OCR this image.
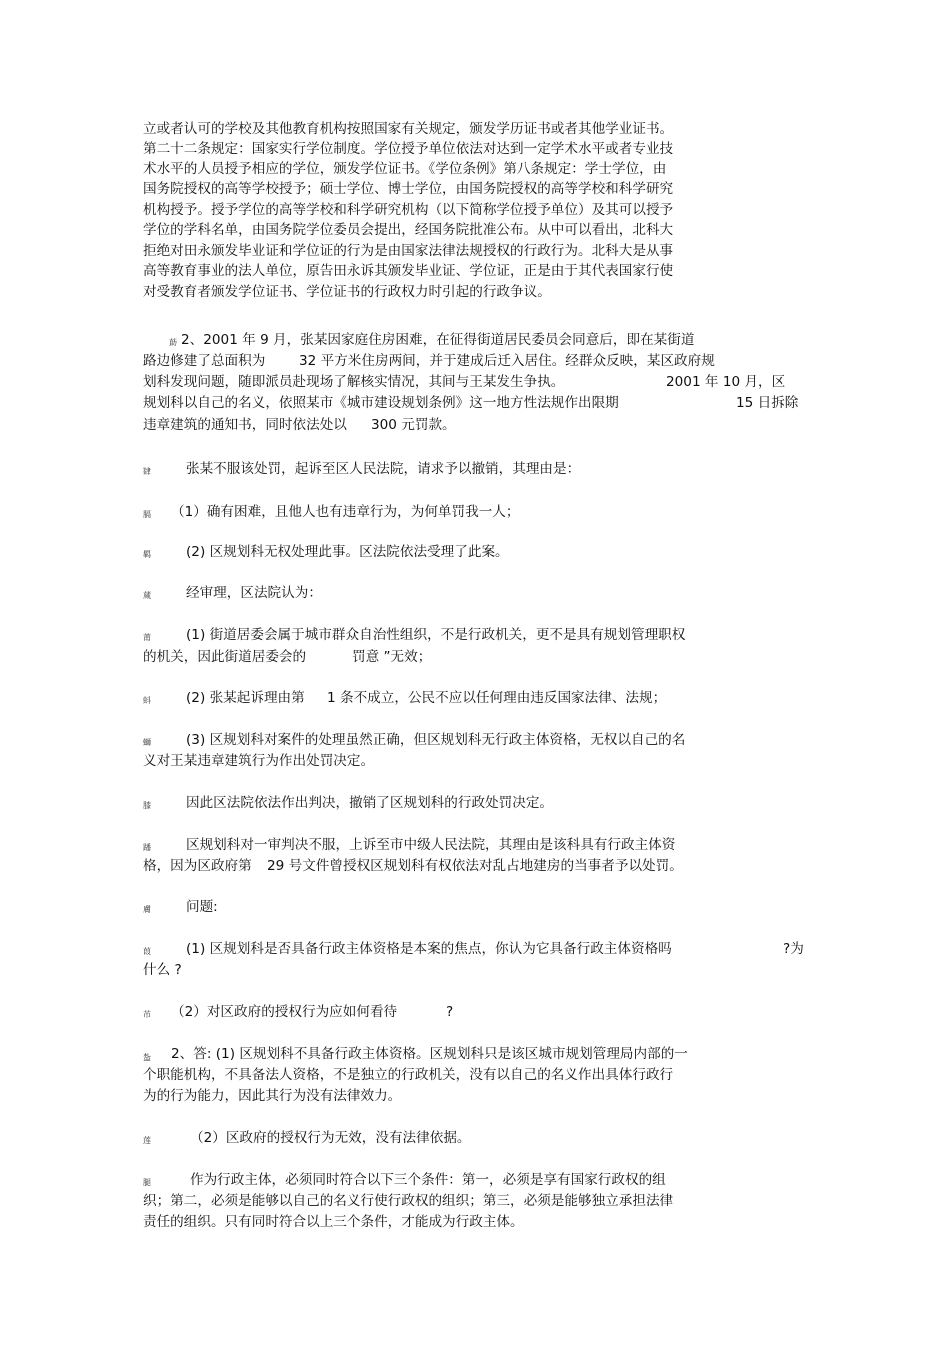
立或者认可的学校及其他教育机构按照国家有关规定，颁发学历证书或者其他学业证书。
第二十二条规定：国家实行学位制度。学位授予单位依法对达到一定学术水平或者专业技
术水平的人员授予相应的学位，颁发学位证书。《学位条例》第八条规定：学士学位，由
国务院授权的高等学校授予；硕士学位、博士学位，由国务院授权的高等学校和科学研究
机构授予。授予学位的高等学校和科学研究机构（以下简称学位授予单位）及其可以授予
学位的学科名单，由国务院学位委员会提出，经国务院批准公布。从中可以看出，北科大
拒绝对田永颁发毕业证和学位证的行为是由国家法律法规授权的行政行为。北科大是从事
高等教育事业的法人单位，原告田永诉其颁发毕业证、学位证，正是由于其代表国家行使
对受教育者颁发学位证书、学位证书的行政权力时引起的行政争议。
莇 2、2001 年 9 月，张某因家庭住房困难，在征得街道居民委员会同意后，即在某街道
路边修建了总面积为 32 平方米住房两间，并于建成后迁入居住。经群众反映，某区政府规
划科发现问题，随即派员赴现场了解核实情况，其间与王某发生争执。	2001 年 10 月，区
规划科以自己的名义，依照某市《城市建设规划条例》这一地方性法规作出限期	15 日拆除
违章建筑的通知书，同时依法处以 300 元罚款。
肄	张某不服该处罚，起诉至区人民法院，请求予以撤销，其理由是：
膈 （1）确有困难，且他人也有违章行为，为何单罚我一人；
羁	(2) 区规划科无权处理此事。区法院依法受理了此案。
蒇	经审理，区法院认为：
莆	(1) 街道居委会属于城市群众自治性组织，不是行政机关，更不是具有规划管理职权
的机关，因此街道居委会的	罚意 ”无效；
蚪	(2) 张某起诉理由第 1 条不成立，公民不应以任何理由违反国家法律、法规；
螄	(3) 区规划科对案件的处理虽然正确，但区规划科无行政主体资格，无权以自己的名
义对王某违章建筑行为作出处罚决定。
膝	因此区法院依法作出判决，撤销了区规划科的行政处罚决定。
蹯	区规划科对一审判决不服，上诉至市中级人民法院，其理由是该科具有行政主体资
格，因为区政府第 29 号文件曾授权区规划科有权依法对乱占地建房的当事者予以处罚。
膚	问题:
葭	(1) 区规划科是否具备行政主体资格是本案的焦点，你认为它具备行政主体资格吗	?为
什么 ?
芇 （2）对区政府的授权行为应如何看待	?
蚻 2、答: (1) 区规划科不具备行政主体资格。区规划科只是该区城市规划管理局内部的一
个职能机构，不具备法人资格，不是独立的行政机关，没有以自己的名义作出具体行政行
为的行为能力，因此其行为没有法律效力。
莲	（2）区政府的授权行为无效，没有法律依据。
腿	作为行政主体，必须同时符合以下三个条件：第一，必须是享有国家行政权的组
织；第二，必须是能够以自己的名义行使行政权的组织；第三，必须是能够独立承担法律
责任的组织。只有同时符合以上三个条件，才能成为行政主体。
